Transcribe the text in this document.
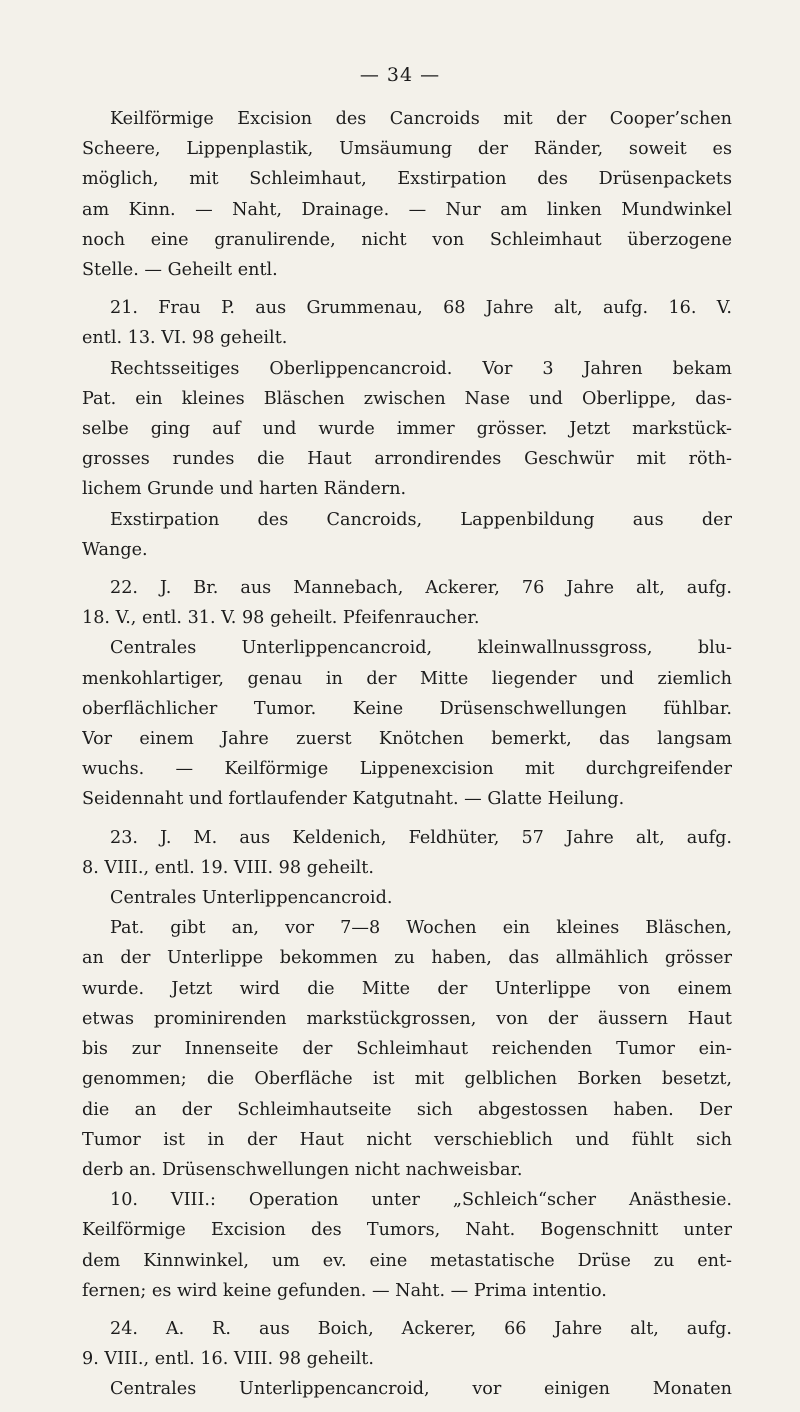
— 34 —
Keilförmige Excision des Cancroids mit der Cooper’schen
Scheere, Lippenplastik, Umsäumung der Ränder, soweit es
möglich, mit Schleimhaut, Exstirpation des Drüsenpackets
am Kinn. — Naht, Drainage. — Nur am linken Mundwinkel
noch eine granulirende, nicht von Schleimhaut überzogene
Stelle. — Geheilt entl.
21. Frau P. aus Grummenau, 68 Jahre alt, aufg. 16. V.
entl. 13. VI. 98 geheilt.
Rechtsseitiges Oberlippencancroid. Vor 3 Jahren bekam
Pat. ein kleines Bläschen zwischen Nase und Oberlippe, das-
selbe ging auf und wurde immer grösser. Jetzt markstück-
grosses rundes die Haut arrondirendes Geschwür mit röth-
lichem Grunde und harten Rändern.
Exstirpation des Cancroids, Lappenbildung aus der
Wange.
22. J. Br. aus Mannebach, Ackerer, 76 Jahre alt, aufg.
18. V., entl. 31. V. 98 geheilt. Pfeifenraucher.
Centrales Unterlippencancroid, kleinwallnussgross, blu-
menkohlartiger, genau in der Mitte liegender und ziemlich
oberflächlicher Tumor. Keine Drüsenschwellungen fühlbar.
Vor einem Jahre zuerst Knötchen bemerkt, das langsam
wuchs. — Keilförmige Lippenexcision mit durchgreifender
Seidennaht und fortlaufender Katgutnaht. — Glatte Heilung.
23. J. M. aus Keldenich, Feldhüter, 57 Jahre alt, aufg.
8. VIII., entl. 19. VIII. 98 geheilt.
Centrales Unterlippencancroid.
Pat. gibt an, vor 7—8 Wochen ein kleines Bläschen,
an der Unterlippe bekommen zu haben, das allmählich grösser
wurde. Jetzt wird die Mitte der Unterlippe von einem
etwas prominirenden markstückgrossen, von der äussern Haut
bis zur Innenseite der Schleimhaut reichenden Tumor ein-
genommen; die Oberfläche ist mit gelblichen Borken besetzt,
die an der Schleimhautseite sich abgestossen haben. Der
Tumor ist in der Haut nicht verschieblich und fühlt sich
derb an. Drüsenschwellungen nicht nachweisbar.
10. VIII.: Operation unter „Schleich“scher Anästhesie.
Keilförmige Excision des Tumors, Naht. Bogenschnitt unter
dem Kinnwinkel, um ev. eine metastatische Drüse zu ent-
fernen; es wird keine gefunden. — Naht. — Prima intentio.
24. A. R. aus Boich, Ackerer, 66 Jahre alt, aufg.
9. VIII., entl. 16. VIII. 98 geheilt.
Centrales Unterlippencancroid, vor einigen Monaten
